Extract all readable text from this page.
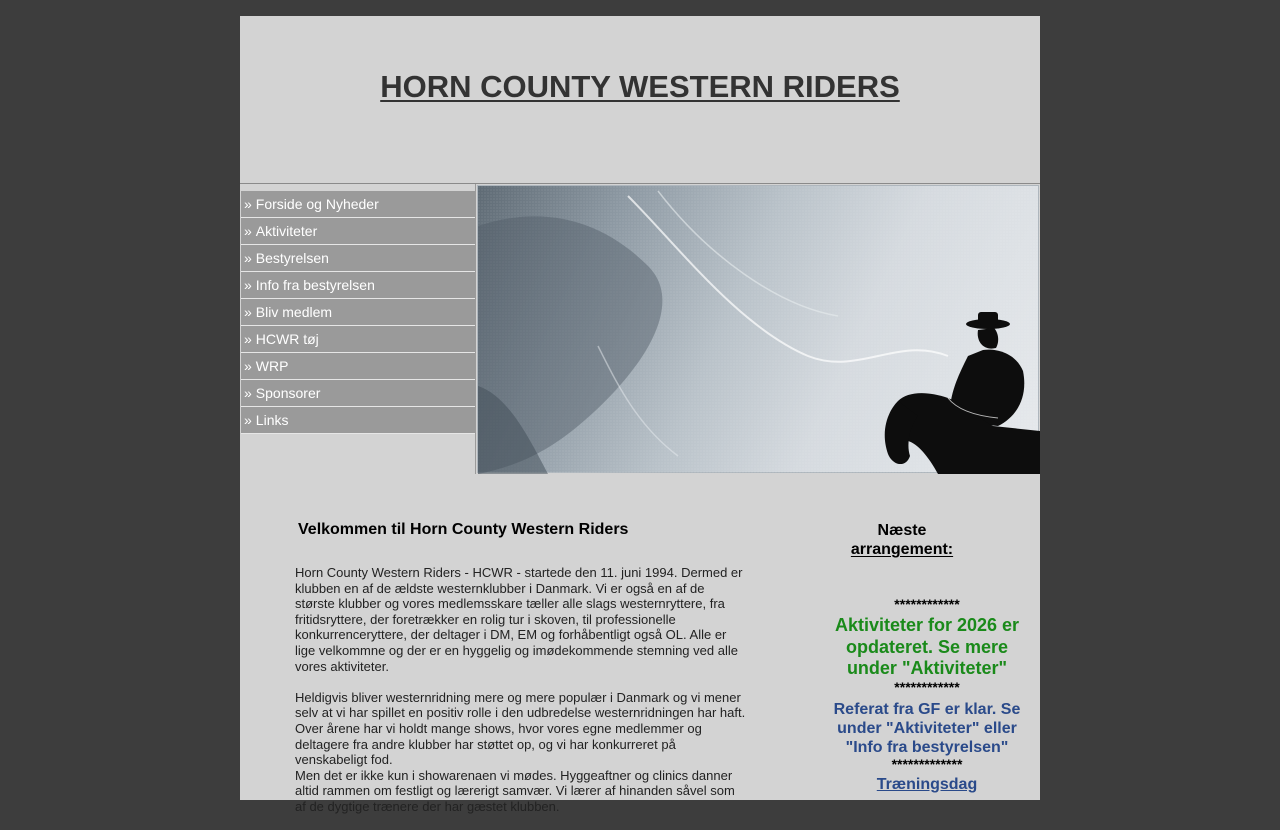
HORN COUNTY WESTERN RIDERS
» Forside og Nyheder
» Aktiviteter
» Bestyrelsen
» Info fra bestyrelsen
» Bliv medlem
» HCWR tøj
» WRP
» Sponsorer
» Links
Velkommen til Horn County Western Riders

Horn County Western Riders - HCWR - startede den 11. juni 1994. Dermed er klubben en af de ældste westernklubber i Danmark. Vi er også en af de største klubber og vores medlemsskare tæller alle slags westernryttere, fra fritidsryttere, der foretrækker en rolig tur i skoven, til professionelle konkurrenceryttere, der deltager i DM, EM og forhåbentligt også OL. Alle er lige velkommne og der er en hyggelig og imødekommende stemning ved alle vores aktiviteter.

Heldigvis bliver westernridning mere og mere populær i Danmark og vi mener selv at vi har spillet en positiv rolle i den udbredelse westernridningen har haft. Over årene har vi holdt mange shows, hvor vores egne medlemmer og deltagere fra andre klubber har støttet op, og vi har konkurreret på venskabeligt fod.

Men det er ikke kun i showarenaen vi mødes. Hyggeaftner og clinics danner altid rammen om festligt og lærerigt samvær. Vi lærer af hinanden såvel som af de dygtige trænere der har gæstet klubben.

Næste
arrangement:
************
Aktiviteter for 2026 er opdateret. Se mere under "Aktiviteter"
************
Referat fra GF er klar. Se under "Aktiviteter" eller "Info fra bestyrelsen"
*************
Træningsdag
